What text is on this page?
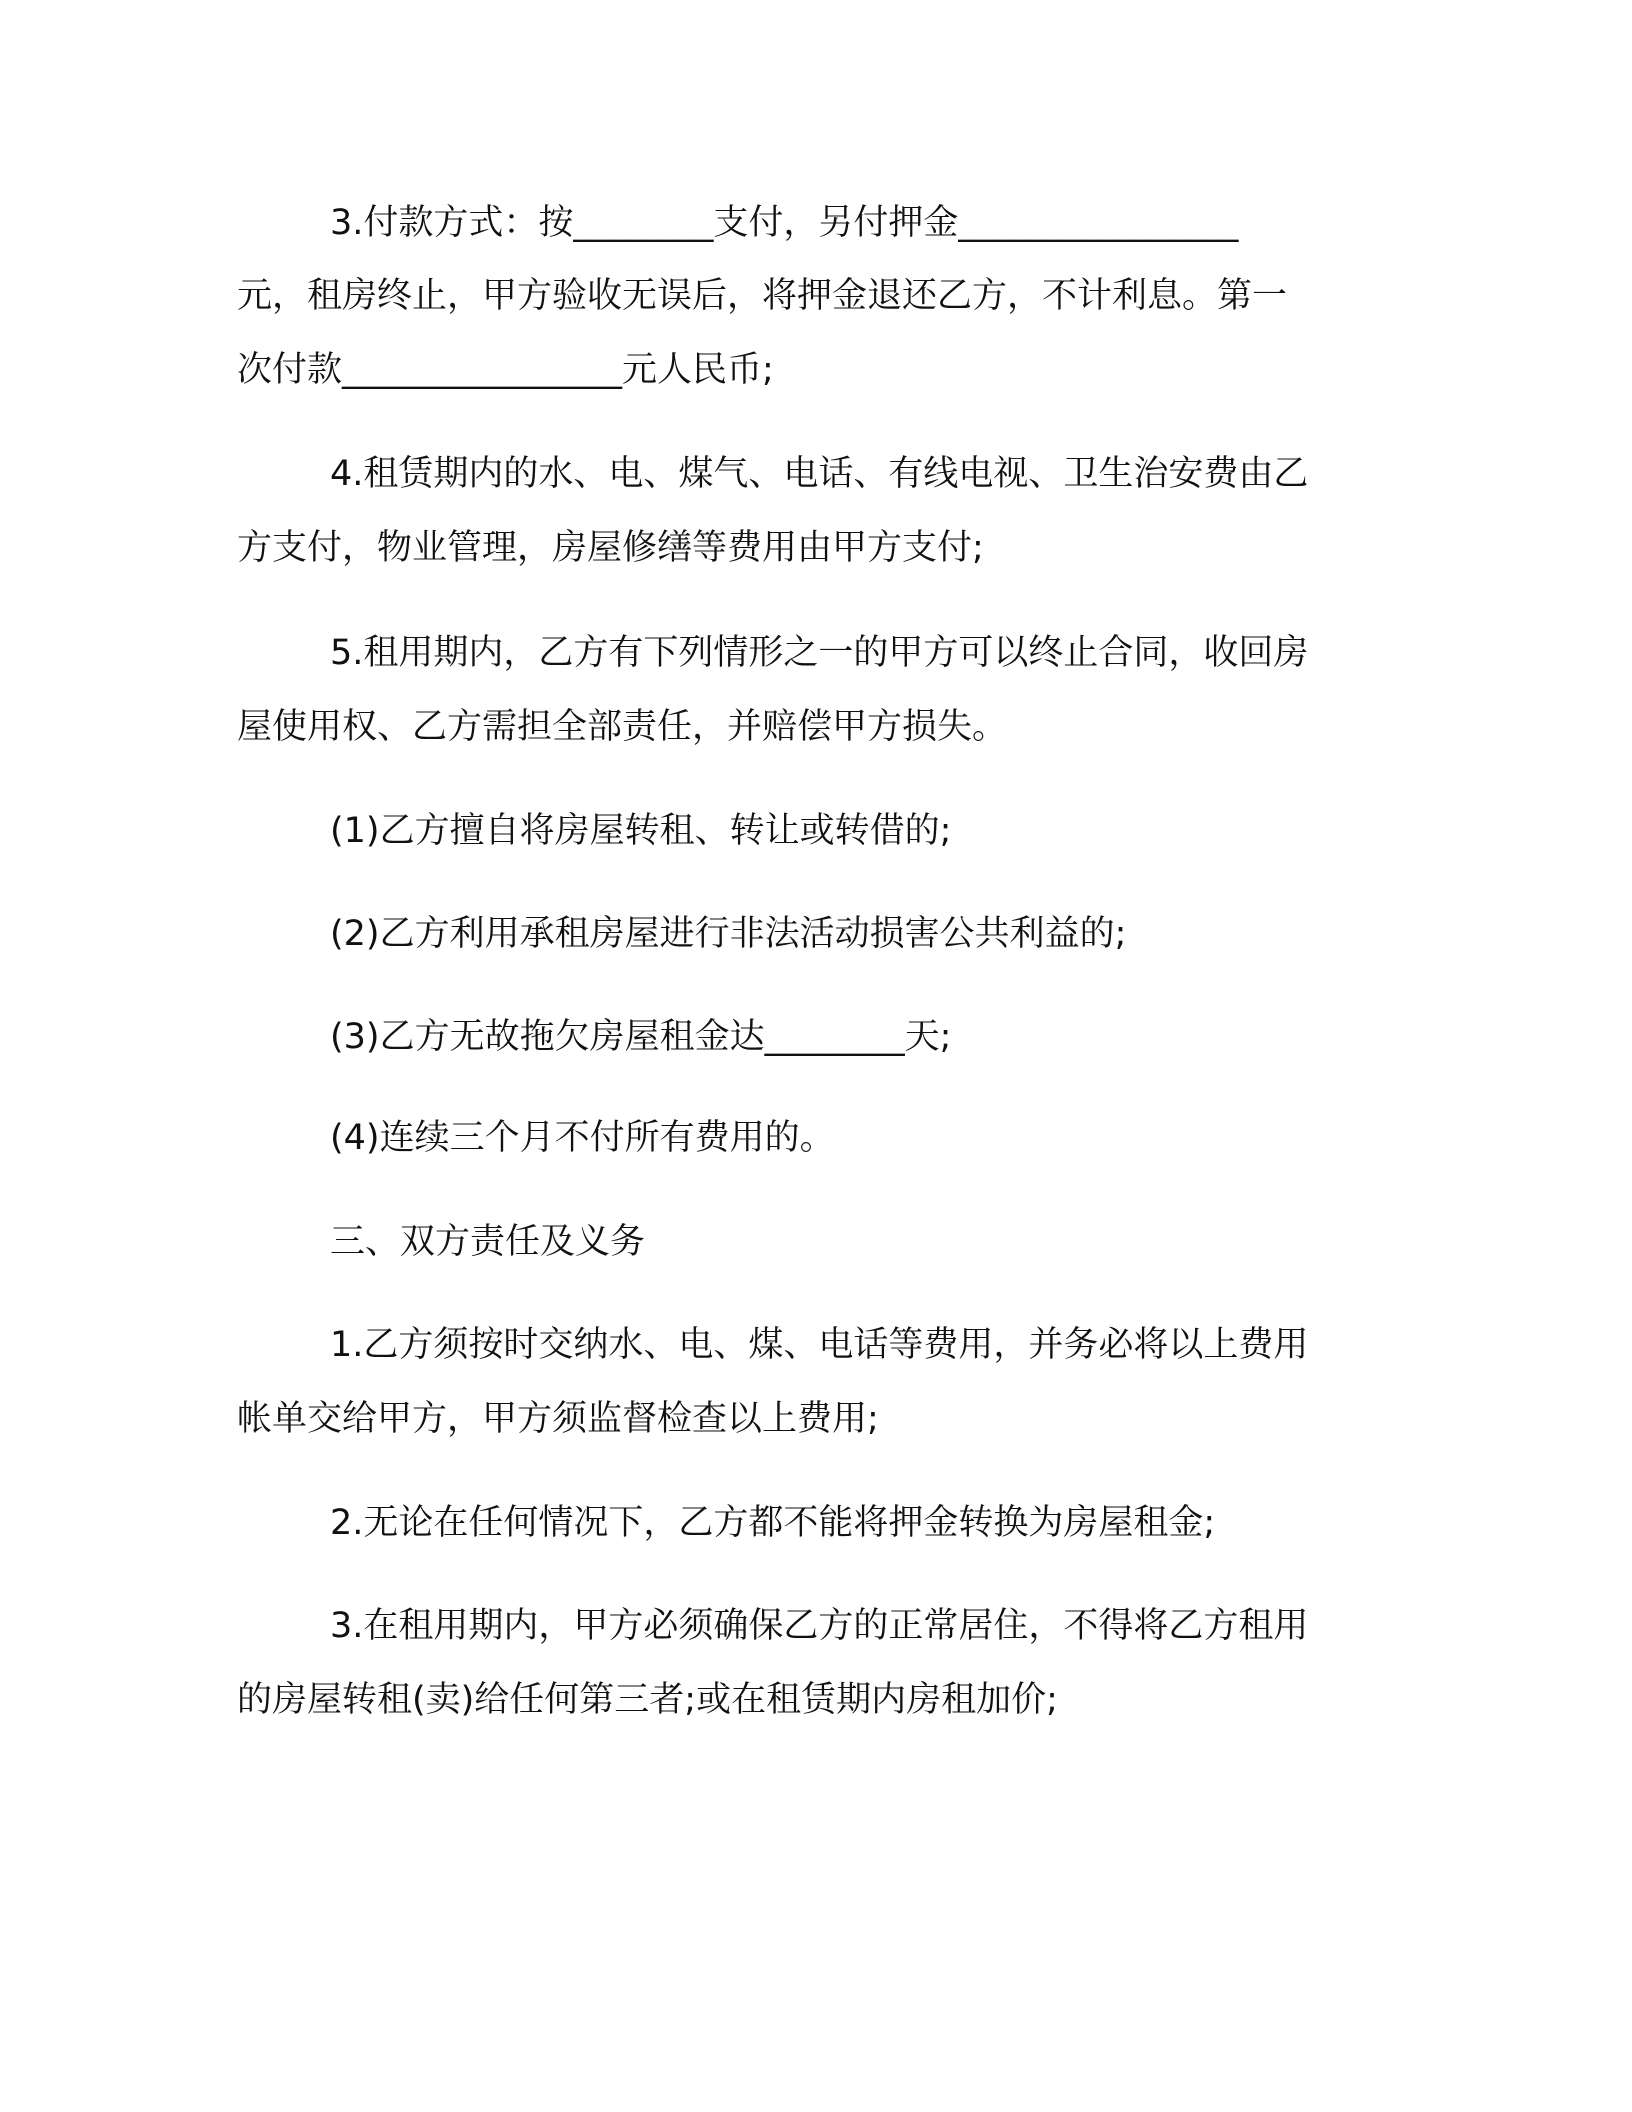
3.付款方式：按________支付，另付押金________________
元，租房终止，甲方验收无误后，将押金退还乙方，不计利息。第一
次付款________________元人民币;
4.租赁期内的水、电、煤气、电话、有线电视、卫生治安费由乙
方支付，物业管理，房屋修缮等费用由甲方支付;
5.租用期内，乙方有下列情形之一的甲方可以终止合同，收回房
屋使用权、乙方需担全部责任，并赔偿甲方损失。
(1)乙方擅自将房屋转租、转让或转借的;
(2)乙方利用承租房屋进行非法活动损害公共利益的;
(3)乙方无故拖欠房屋租金达________天;
(4)连续三个月不付所有费用的。
三、双方责任及义务
1.乙方须按时交纳水、电、煤、电话等费用，并务必将以上费用
帐单交给甲方，甲方须监督检查以上费用;
2.无论在任何情况下，乙方都不能将押金转换为房屋租金;
3.在租用期内，甲方必须确保乙方的正常居住，不得将乙方租用
的房屋转租(卖)给任何第三者;或在租赁期内房租加价;
